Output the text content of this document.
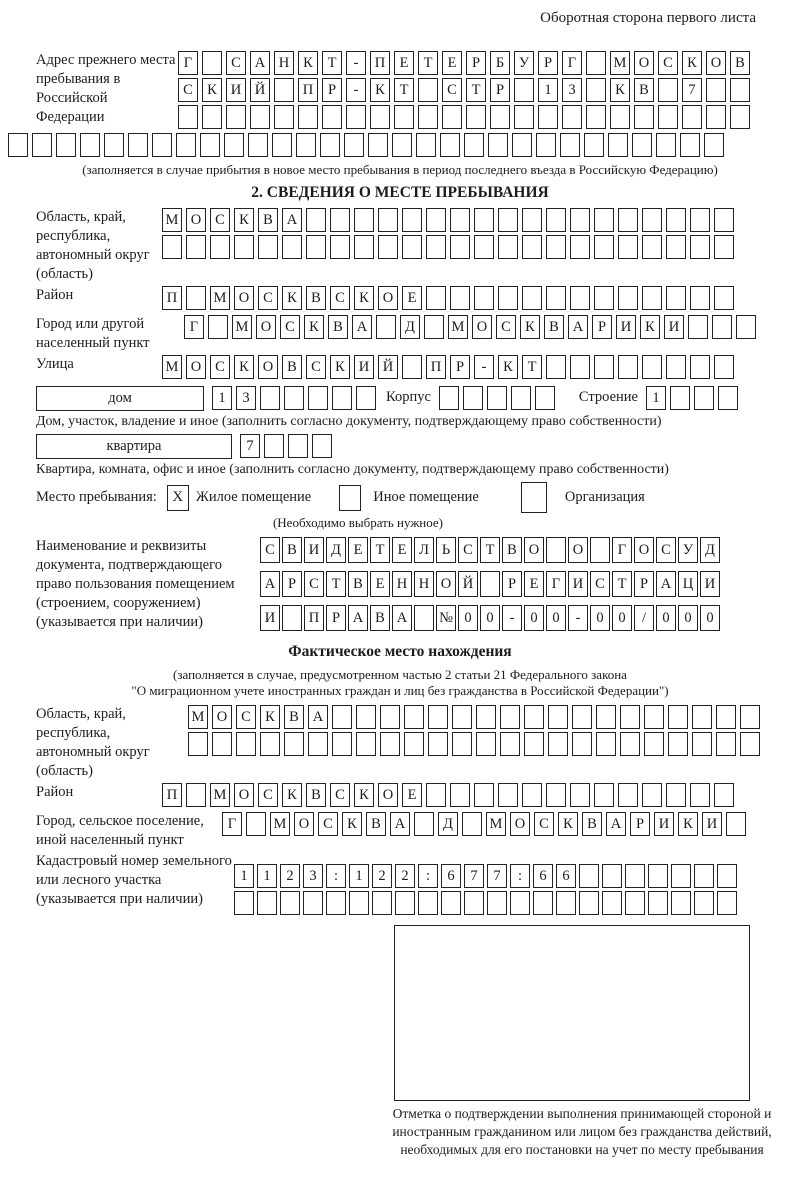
Оборотная сторона первого листа
Адрес прежнего места пребывания в Российской Федерации
Г	С А Н К	Т	-	П Е	Т	Е	Р	Б	У	Р	Г	М О С К О В
С К И Й	П	Р	-	К	Т	С	Т	Р	1	3	К В	7
(заполняется в случае прибытия в новое место пребывания в период последнего въезда в Российскую Федерацию)
2. СВЕДЕНИЯ О МЕСТЕ ПРЕБЫВАНИЯ
Область, край, республика, автономный округ (область)
М О С К В А
Район	П	М О С К В С К О Е
Город или другой населенный пункт
Г	М О С К В А	Д	М О С К В А	Р	И К И
Улица	М О С К О В С К И Й	П	Р	-	К	Т
дом	1	3	Корпус	Строение 1
Дом, участок, владение и иное (заполнить согласно документу, подтверждающему право собственности)
квартира	7
Квартира, комната, офис и иное (заполнить согласно документу, подтверждающему право собственности)
Место пребывания:	X Жилое помещение	Иное помещение	Организация
(Необходимо выбрать нужное)
Наименование и реквизиты документа, подтверждающего право пользования помещением (строением, сооружением) (указывается при наличии)
С В И Д Е Т Е Л Ь С Т В О	О	Г О С У Д
А Р С Т В Е Н Н О Й	Р Е Г И С Т Р А Ц И
И	П Р А В А	№ 0	0	-	0	0	-	0	0	/	0	0	0
Фактическое место нахождения
(заполняется в случае, предусмотренном частью 2 статьи 21 Федерального закона
"О миграционном учете иностранных граждан и лиц без гражданства в Российской Федерации")
Область, край, республика, автономный округ (область)
М О С К В А
Район	П	М О С К В С К О Е
Город, сельское поселение, иной населенный пункт
Г	М О С К В А	Д	М О С К В А	Р	И К И
Кадастровый номер земельного или лесного участка (указывается при наличии)
1	1	2	3	:	1	2	2	:	6	7	7	:	6	6
Отметка о подтверждении выполнения принимающей стороной и иностранным гражданином или лицом без гражданства действий, необходимых для его постановки на учет по месту пребывания
